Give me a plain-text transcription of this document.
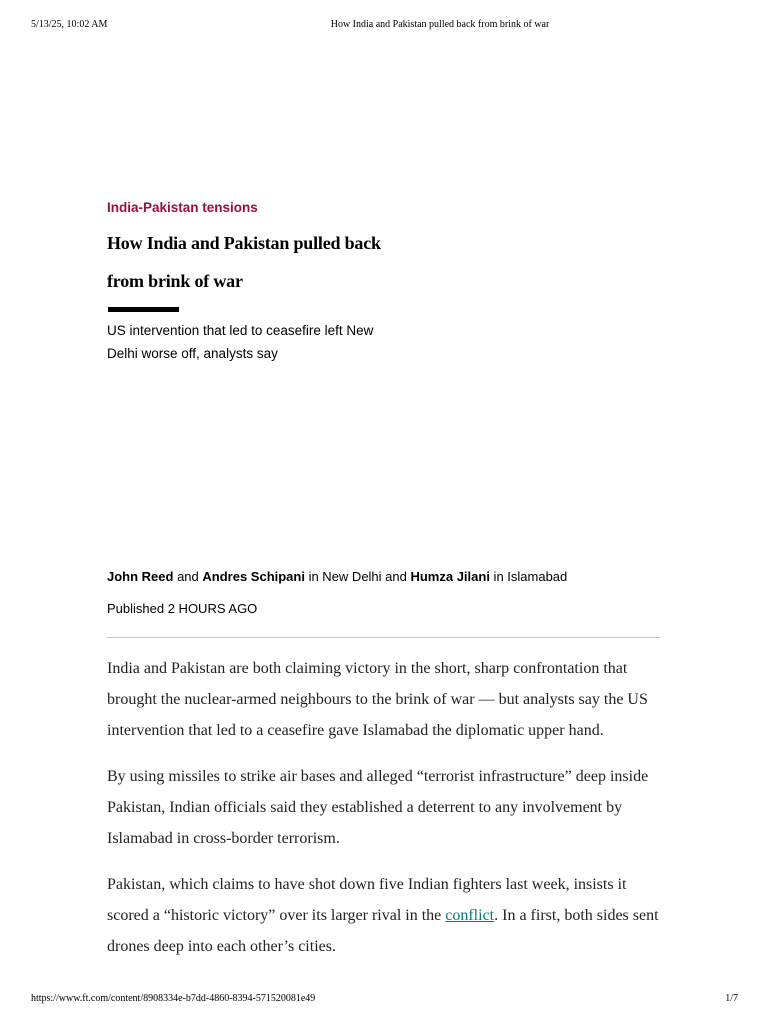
5/13/25, 10:02 AM	How India and Pakistan pulled back from brink of war
India-Pakistan tensions
How India and Pakistan pulled back from brink of war

US intervention that led to ceasefire left New Delhi worse off, analysts say

John Reed and Andres Schipani in New Delhi and Humza Jilani in Islamabad
Published 2 HOURS AGO

India and Pakistan are both claiming victory in the short, sharp confrontation that brought the nuclear-armed neighbours to the brink of war — but analysts say the US intervention that led to a ceasefire gave Islamabad the diplomatic upper hand.

By using missiles to strike air bases and alleged “terrorist infrastructure” deep inside Pakistan, Indian officials said they established a deterrent to any involvement by Islamabad in cross-border terrorism.

Pakistan, which claims to have shot down five Indian fighters last week, insists it scored a “historic victory” over its larger rival in the conflict. In a first, both sides sent drones deep into each other’s cities.

https://www.ft.com/content/8908334e-b7dd-4860-8394-571520081e49	1/7
